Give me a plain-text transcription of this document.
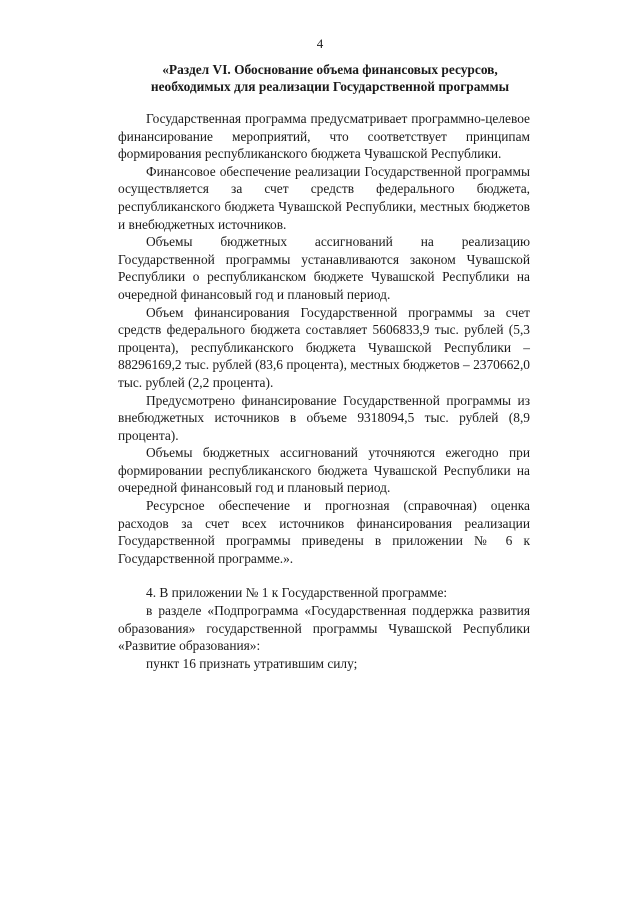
4
«Раздел VI. Обоснование объема финансовых ресурсов,
необходимых для реализации Государственной программы

Государственная программа предусматривает программно-целевое финансирование мероприятий, что соответствует принципам формирования республиканского бюджета Чувашской Республики.

Финансовое обеспечение реализации Государственной программы осуществляется за счет средств федерального бюджета, республиканского бюджета Чувашской Республики, местных бюджетов и внебюджетных источников.

Объемы бюджетных ассигнований на реализацию Государственной программы устанавливаются законом Чувашской Республики о республиканском бюджете Чувашской Республики на очередной финансовый год и плановый период.

Объем финансирования Государственной программы за счет средств федерального бюджета составляет 5606833,9 тыс. рублей (5,3 процента), республиканского бюджета Чувашской Республики – 88296169,2 тыс. рублей (83,6 процента), местных бюджетов – 2370662,0 тыс. рублей (2,2 процента).

Предусмотрено финансирование Государственной программы из внебюджетных источников в объеме 9318094,5 тыс. рублей (8,9 процента).

Объемы бюджетных ассигнований уточняются ежегодно при формировании республиканского бюджета Чувашской Республики на очередной финансовый год и плановый период.

Ресурсное обеспечение и прогнозная (справочная) оценка расходов за счет всех источников финансирования реализации Государственной программы приведены в приложении № 6 к Государственной программе.».

4. В приложении № 1 к Государственной программе:

в разделе «Подпрограмма «Государственная поддержка развития образования» государственной программы Чувашской Республики «Развитие образования»:

пункт 16 признать утратившим силу;
